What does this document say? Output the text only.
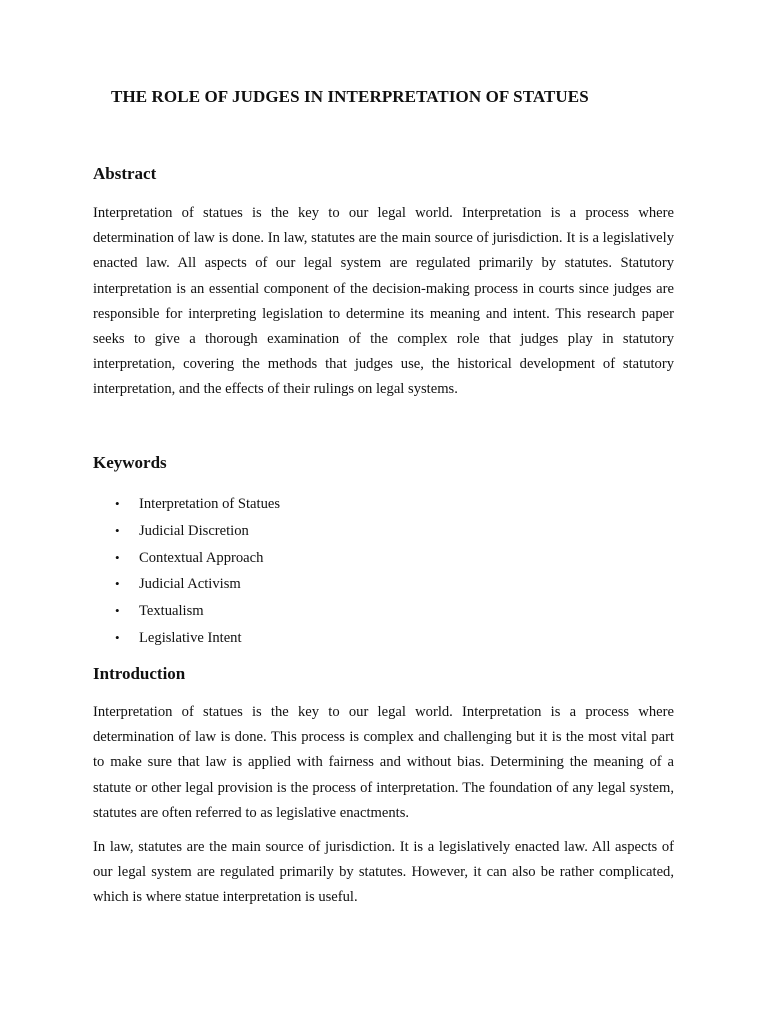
THE ROLE OF JUDGES IN INTERPRETATION OF STATUES
Abstract

Interpretation of statues is the key to our legal world. Interpretation is a process where determination of law is done. In law, statutes are the main source of jurisdiction. It is a legislatively enacted law. All aspects of our legal system are regulated primarily by statutes. Statutory interpretation is an essential component of the decision-making process in courts since judges are responsible for interpreting legislation to determine its meaning and intent. This research paper seeks to give a thorough examination of the complex role that judges play in statutory interpretation, covering the methods that judges use, the historical development of statutory interpretation, and the effects of their rulings on legal systems.

Keywords
• Interpretation of Statues
• Judicial Discretion
• Contextual Approach
• Judicial Activism
• Textualism
• Legislative Intent
Introduction

Interpretation of statues is the key to our legal world. Interpretation is a process where determination of law is done. This process is complex and challenging but it is the most vital part to make sure that law is applied with fairness and without bias. Determining the meaning of a statute or other legal provision is the process of interpretation. The foundation of any legal system, statutes are often referred to as legislative enactments.

In law, statutes are the main source of jurisdiction. It is a legislatively enacted law. All aspects of our legal system are regulated primarily by statutes. However, it can also be rather complicated, which is where statue interpretation is useful.
